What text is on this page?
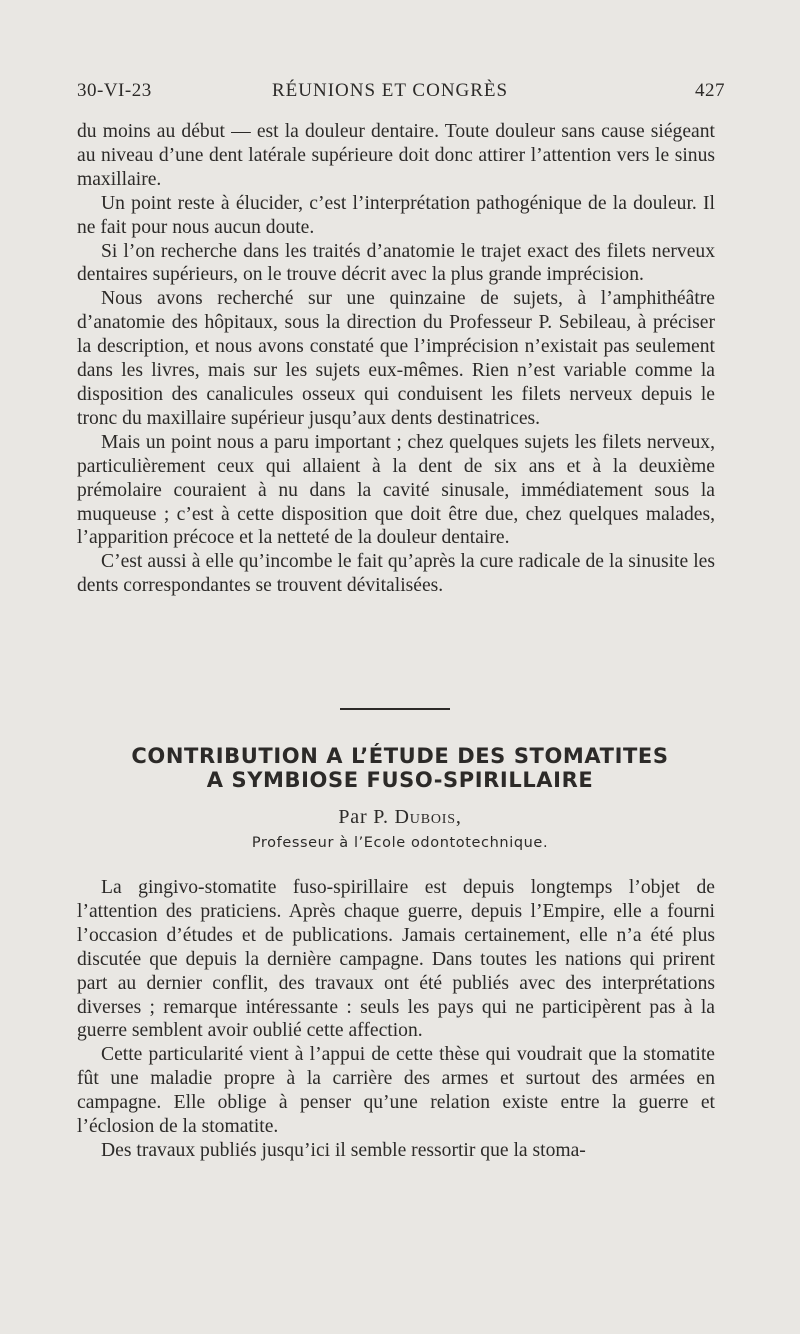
30-VI-23	RÉUNIONS ET CONGRÈS	427

du moins au début — est la douleur dentaire. Toute douleur sans cause siégeant au niveau d’une dent latérale supérieure doit donc attirer l’attention vers le sinus maxillaire.

Un point reste à élucider, c’est l’interprétation pathogénique de la douleur. Il ne fait pour nous aucun doute.

Si l’on recherche dans les traités d’anatomie le trajet exact des filets nerveux dentaires supérieurs, on le trouve décrit avec la plus grande imprécision.

Nous avons recherché sur une quinzaine de sujets, à l’amphithéâtre d’anatomie des hôpitaux, sous la direction du Professeur P. Sebileau, à préciser la description, et nous avons constaté que l’imprécision n’existait pas seulement dans les livres, mais sur les sujets eux-mêmes. Rien n’est variable comme la disposition des canalicules osseux qui conduisent les filets nerveux depuis le tronc du maxillaire supérieur jusqu’aux dents destinatrices.

Mais un point nous a paru important ; chez quelques sujets les filets nerveux, particulièrement ceux qui allaient à la dent de six ans et à la deuxième prémolaire couraient à nu dans la cavité sinusale, immédiatement sous la muqueuse ; c’est à cette disposition que doit être due, chez quelques malades, l’apparition précoce et la netteté de la douleur dentaire.

C’est aussi à elle qu’incombe le fait qu’après la cure radicale de la sinusite les dents correspondantes se trouvent dévitalisées.

CONTRIBUTION A L’ÉTUDE DES STOMATITES
A SYMBIOSE FUSO-SPIRILLAIRE
Par P. Dubois,
Professeur à l’Ecole odontotechnique.

La gingivo-stomatite fuso-spirillaire est depuis longtemps l’objet de l’attention des praticiens. Après chaque guerre, depuis l’Empire, elle a fourni l’occasion d’études et de publications. Jamais certainement, elle n’a été plus discutée que depuis la dernière campagne. Dans toutes les nations qui prirent part au dernier conflit, des travaux ont été publiés avec des interprétations diverses ; remarque intéressante : seuls les pays qui ne participèrent pas à la guerre semblent avoir oublié cette affection.

Cette particularité vient à l’appui de cette thèse qui voudrait que la stomatite fût une maladie propre à la carrière des armes et surtout des armées en campagne. Elle oblige à penser qu’une relation existe entre la guerre et l’éclosion de la stomatite.

Des travaux publiés jusqu’ici il semble ressortir que la stoma-
